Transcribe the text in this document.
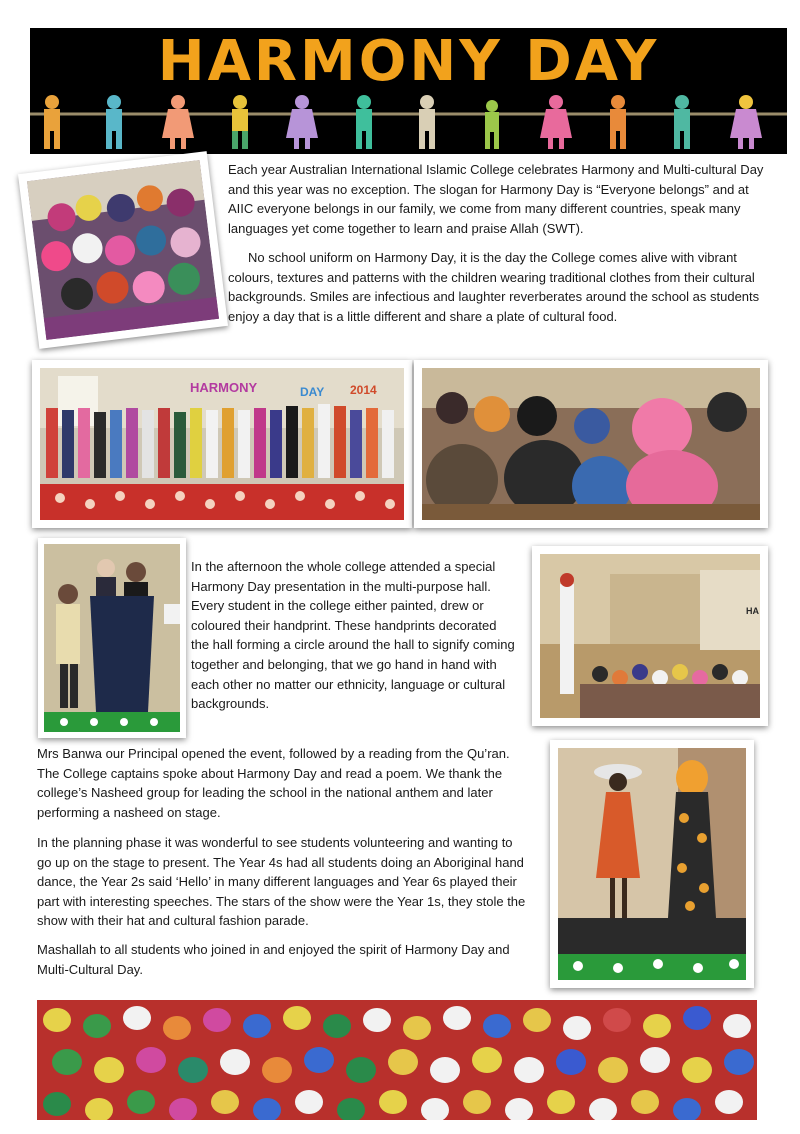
HARMONY DAY

Each year Australian International Islamic College celebrates Harmony and Multi-cultural Day and this year was no exception. The slogan for Harmony Day is “Everyone belongs” and at AIIC everyone belongs in our family, we come from many different countries, speak many languages yet come together to learn and praise Allah (SWT).

No school uniform on Harmony Day, it is the day the College comes alive with vibrant colours, textures and patterns with the children wearing traditional clothes from their cultural backgrounds. Smiles are infectious and laughter reverberates around the school as students enjoy a day that is a little different and share a plate of cultural food.

HARMONY	DAY 2014

In the afternoon the whole college attended a special Harmony Day presentation in the multi-purpose hall. Every student in the college either painted, drew or coloured their handprint. These handprints decorated the hall forming a circle around the hall to signify coming together and belonging, that we go hand in hand with each other no matter our ethnicity, language or cultural backgrounds.

HA

Mrs Banwa our Principal opened the event, followed by a reading from the Qu’ran. The College captains spoke about Harmony Day and read a poem. We thank the college’s Nasheed group for leading the school in the national anthem and later performing a nasheed on stage.

In the planning phase it was wonderful to see students volunteering and wanting to go up on the stage to present. The Year 4s had all students doing an Aboriginal hand dance, the Year 2s said ‘Hello’ in many different languages and Year 6s played their part with interesting speeches. The stars of the show were the Year 1s, they stole the show with their hat and cultural fashion parade.

Mashallah to all students who joined in and enjoyed the spirit of Harmony Day and Multi-Cultural Day.
